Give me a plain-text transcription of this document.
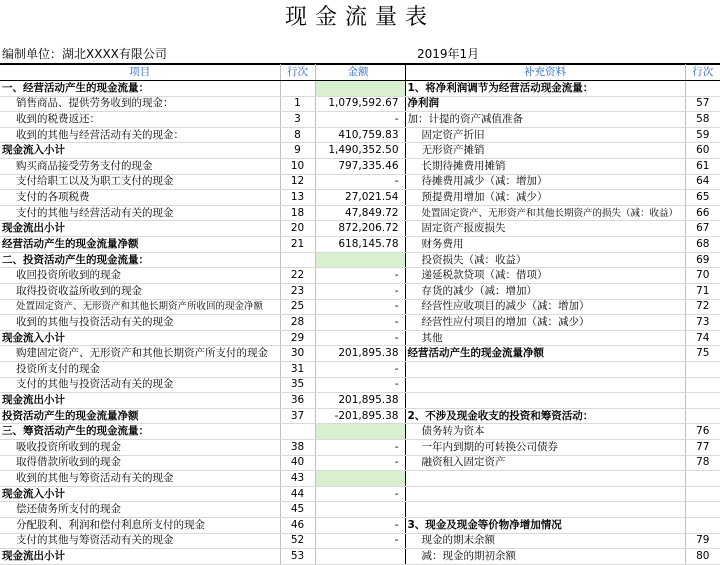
现金流量表
编制单位：湖北XXXX有限公司	2019年1月
项目	行次	金额	补充资料	行次
一、经营活动产生的现金流量：			1、将净利润调节为经营活动现金流量：	
销售商品、提供劳务收到的现金：	1	1,079,592.67	净利润	57
收到的税费返还：	3	-	加：计提的资产减值准备	58
收到的其他与经营活动有关的现金：	8	410,759.83	固定资产折旧	59
现金流入小计	9	1,490,352.50	无形资产摊销	60
购买商品接受劳务支付的现金	10	797,335.46	长期待摊费用摊销	61
支付给职工以及为职工支付的现金	12	-	待摊费用减少（减：增加）	64
支付的各项税费	13	27,021.54	预提费用增加（减：减少）	65
支付的其他与经营活动有关的现金	18	47,849.72	处置固定资产、无形资产和其他长期资产的损失（减：收益）	66
现金流出小计	20	872,206.72	固定资产报废损失	67
经营活动产生的现金流量净额	21	618,145.78	财务费用	68
二、投资活动产生的现金流量：			投资损失（减：收益）	69
收回投资所收到的现金	22	-	递延税款贷项（减：借项）	70
取得投资收益所收到的现金	23	-	存货的减少（减：增加）	71
处置固定资产、无形资产和其他长期资产所收回的现金净额	25	-	经营性应收项目的减少（减：增加）	72
收到的其他与投资活动有关的现金	28	-	经营性应付项目的增加（减：减少）	73
现金流入小计	29	-	其他	74
购建固定资产、无形资产和其他长期资产所支付的现金	30	201,895.38	经营活动产生的现金流量净额	75
投资所支付的现金	31	-		
支付的其他与投资活动有关的现金	35	-		
现金流出小计	36	201,895.38		
投资活动产生的现金流量净额	37	-201,895.38	2、不涉及现金收支的投资和筹资活动：	
三、筹资活动产生的现金流量：			债务转为资本	76
吸收投资所收到的现金	38	-	一年内到期的可转换公司债券	77
取得借款所收到的现金	40	-	融资租入固定资产	78
收到的其他与筹资活动有关的现金	43			
现金流入小计	44	-		
偿还债务所支付的现金	45			
分配股利、利润和偿付利息所支付的现金	46	-	3、现金及现金等价物净增加情况	
支付的其他与筹资活动有关的现金	52	-	现金的期末余额	79
现金流出小计	53		减：现金的期初余额	80
